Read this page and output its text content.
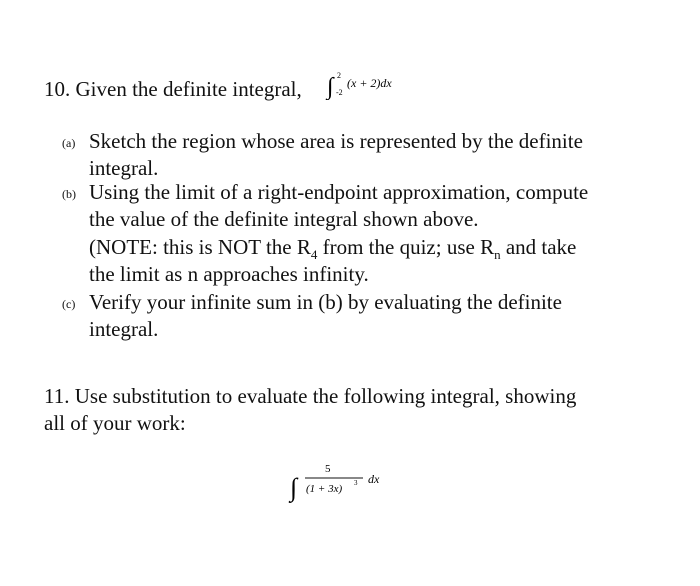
10. Given the definite integral, ∫ 2
-2
(x + 2)dx
(a) Sketch the region whose area is represented by the definite
integral.
(b) Using the limit of a right-endpoint approximation, compute
the value of the definite integral shown above.
(NOTE: this is NOT the $R_4$ from the quiz; use $R_n$ and take
the limit as n approaches infinity.
(c) Verify your infinite sum in (b) by evaluating the definite
integral.
11. Use substitution to evaluate the following integral, showing
all of your work:
∫
5
(1 + 3x) 3 dx
